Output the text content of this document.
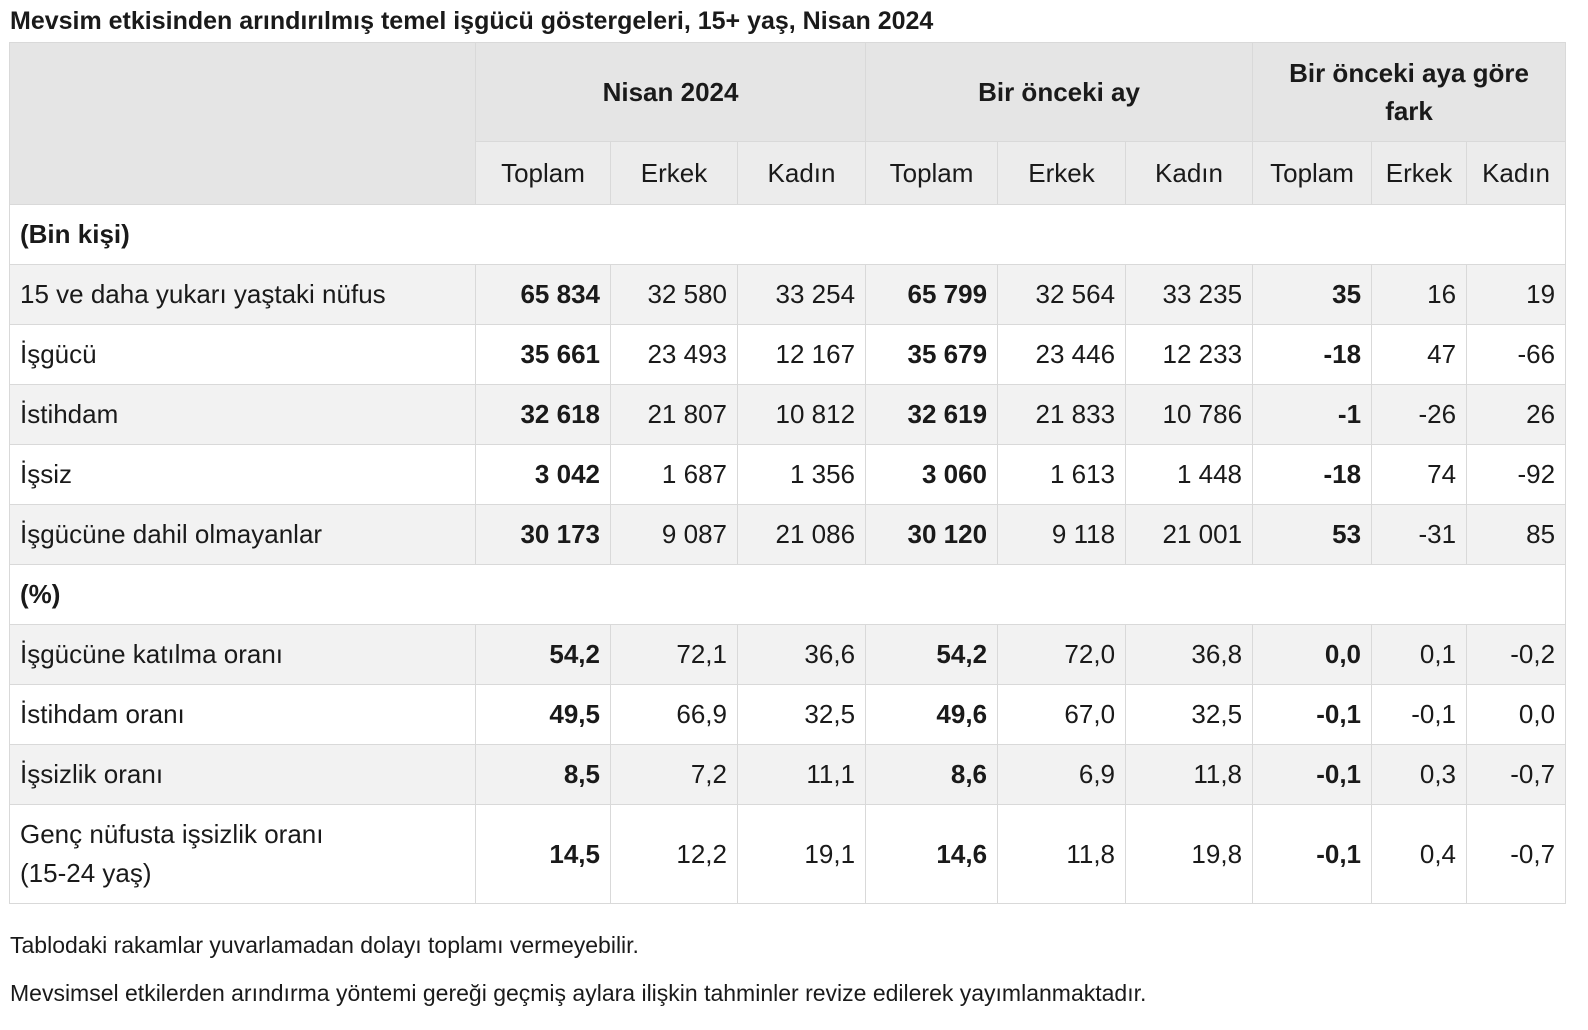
Mevsim etkisinden arındırılmış temel işgücü göstergeleri, 15+ yaş, Nisan 2024
	Nisan 2024			Bir önceki ay			Bir önceki aya göre fark		
	Toplam	Erkek	Kadın	Toplam	Erkek	Kadın	Toplam	Erkek	Kadın
(Bin kişi)									
15 ve daha yukarı yaştaki nüfus	65 834	32 580	33 254	65 799	32 564	33 235	35	16	19
İşgücü	35 661	23 493	12 167	35 679	23 446	12 233	-18	47	-66
İstihdam	32 618	21 807	10 812	32 619	21 833	10 786	-1	-26	26
İşsiz	3 042	1 687	1 356	3 060	1 613	1 448	-18	74	-92
İşgücüne dahil olmayanlar	30 173	9 087	21 086	30 120	9 118	21 001	53	-31	85
(%)									
İşgücüne katılma oranı	54,2	72,1	36,6	54,2	72,0	36,8	0,0	0,1	-0,2
İstihdam oranı	49,5	66,9	32,5	49,6	67,0	32,5	-0,1	-0,1	0,0
İşsizlik oranı	8,5	7,2	11,1	8,6	6,9	11,8	-0,1	0,3	-0,7
Genç nüfusta işsizlik oranı
(15-24 yaş)	14,5	12,2	19,1	14,6	11,8	19,8	-0,1	0,4	-0,7
Tablodaki rakamlar yuvarlamadan dolayı toplamı vermeyebilir.
Mevsimsel etkilerden arındırma yöntemi gereği geçmiş aylara ilişkin tahminler revize edilerek yayımlanmaktadır.
